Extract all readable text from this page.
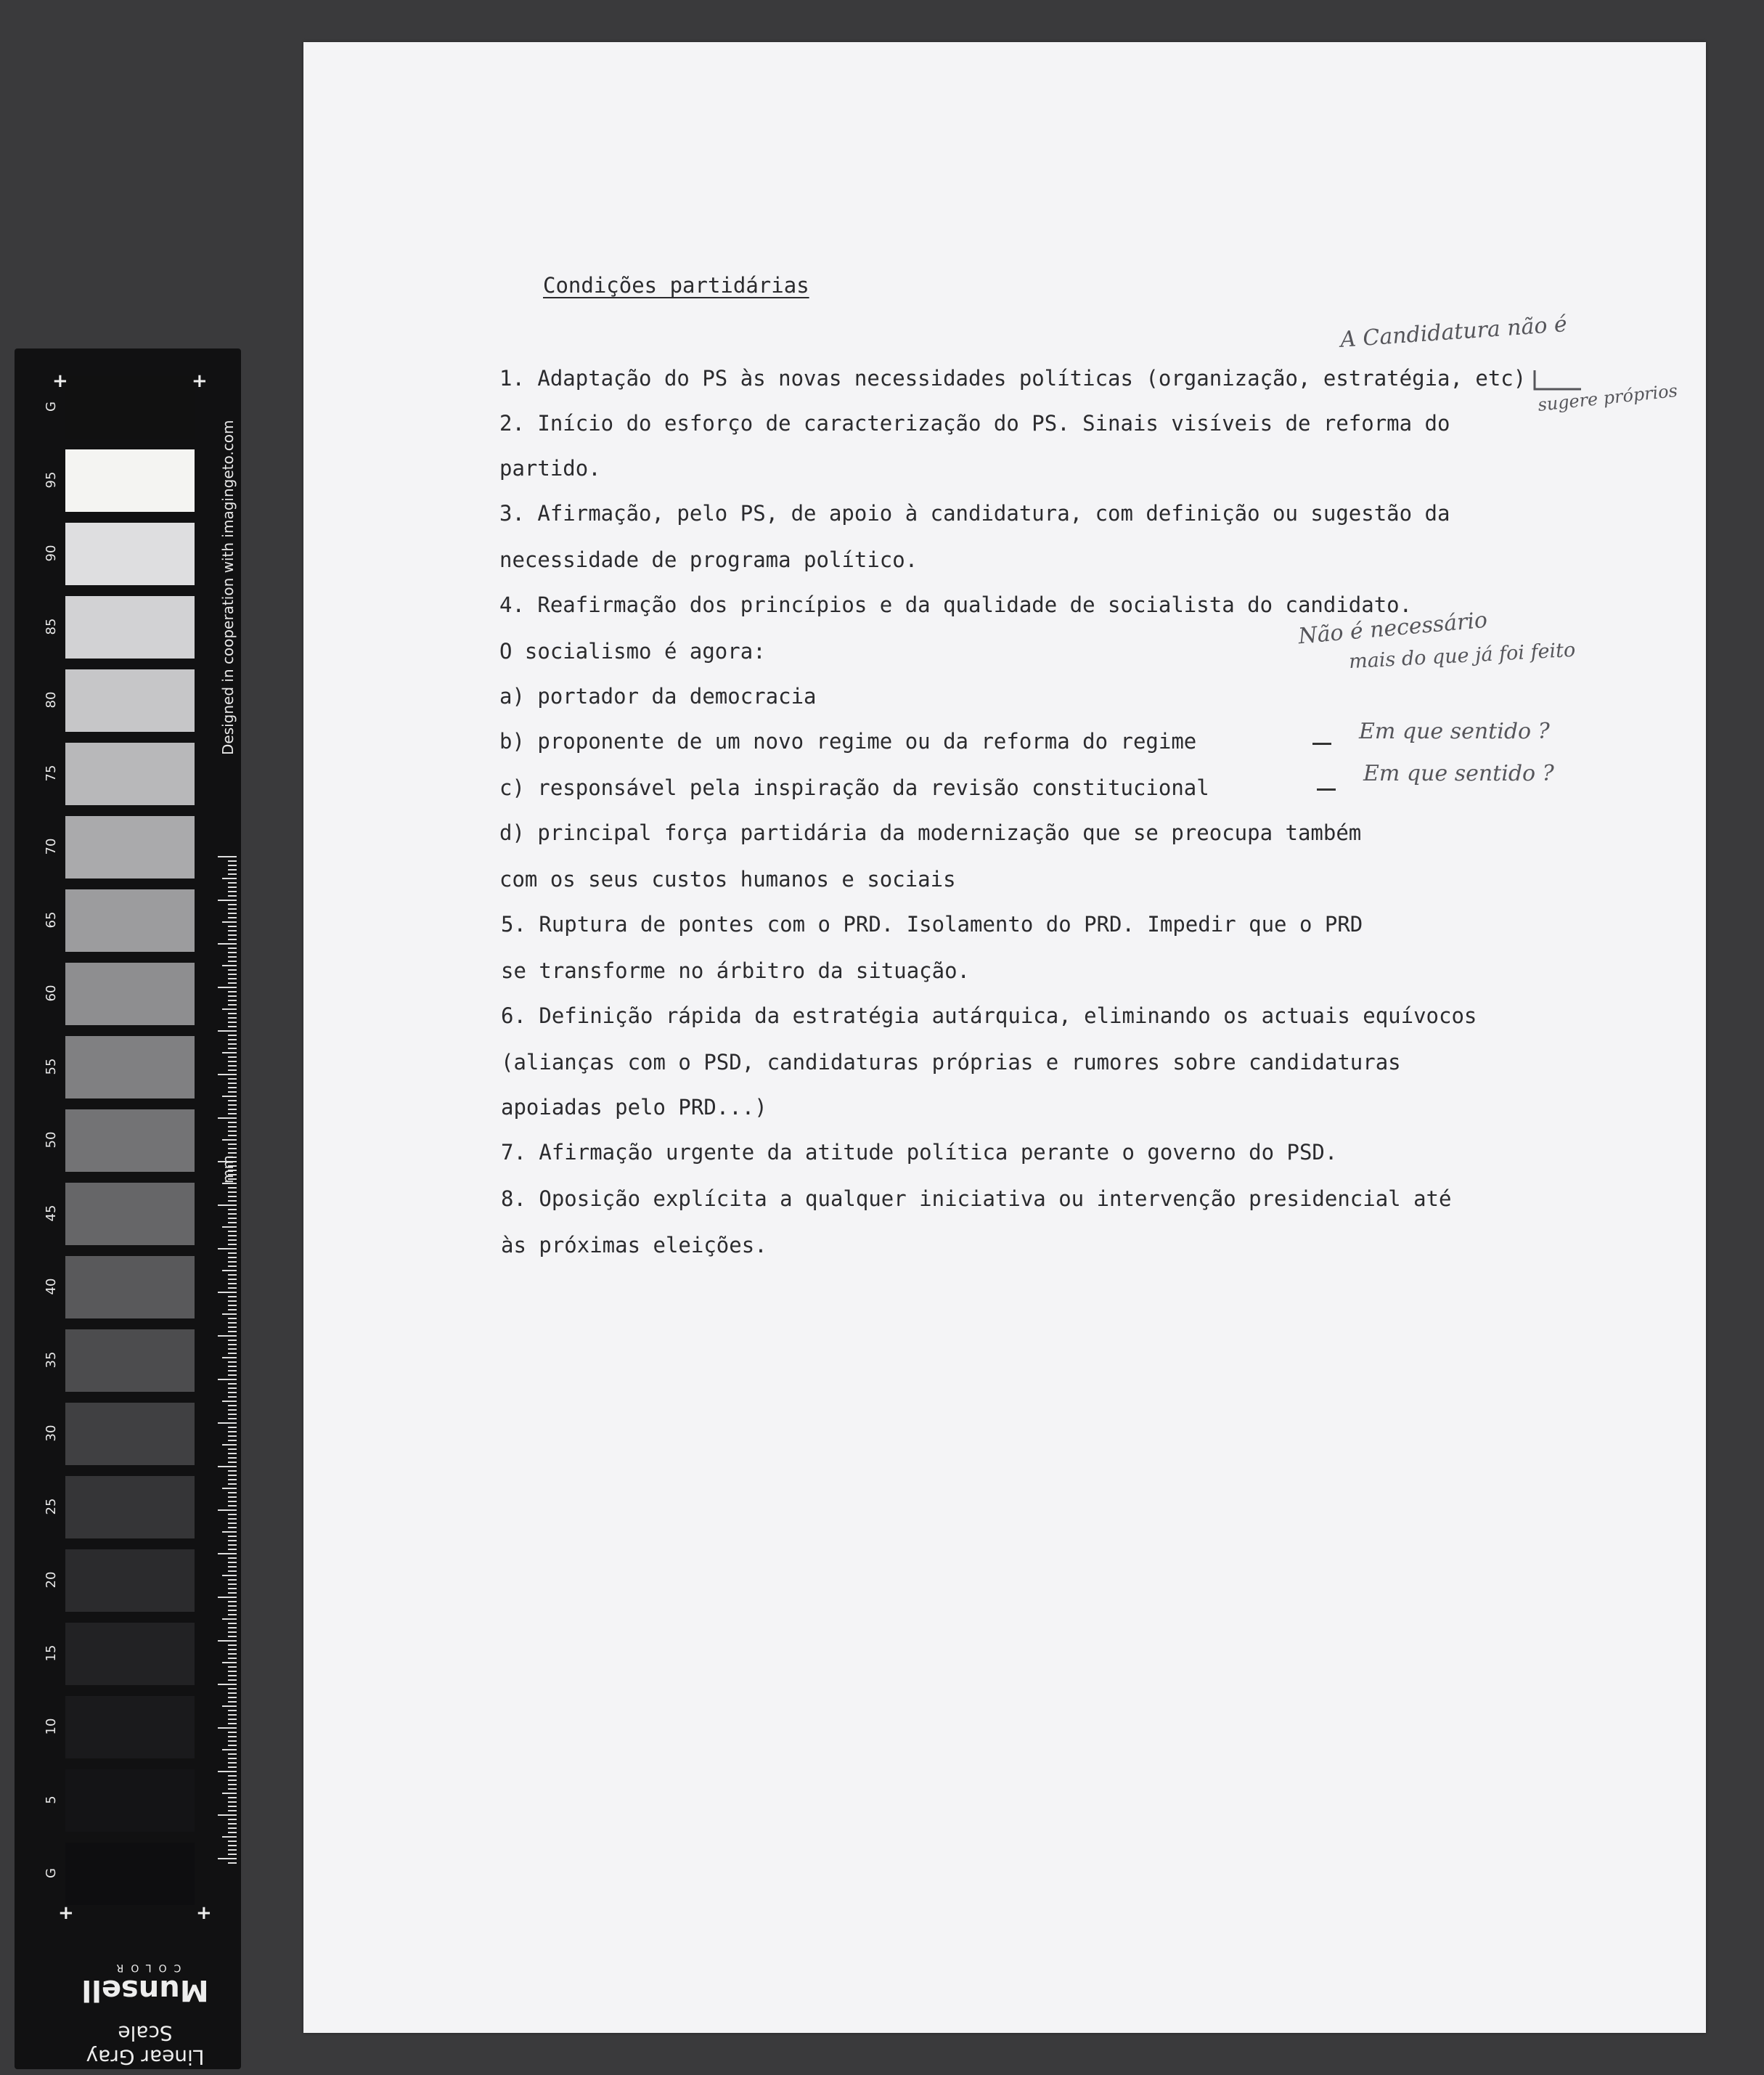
G
95
90
85
80
75
70
65
60
55
50
45
40
35
30
25
20
15
10
5
G
+	+
+	+
Designed in cooperation with imagingeto.com
mm
Linear Gray Scale
Munsell
COLOR
Condições partidárias
1. Adaptação do PS às novas necessidades políticas (organização, estratégia, etc)
2. Início do esforço de caracterização do PS. Sinais visíveis de reforma do
partido.
3. Afirmação, pelo PS, de apoio à candidatura, com definição ou sugestão da
necessidade de programa político.
4. Reafirmação dos princípios e da qualidade de socialista do candidato.
O socialismo é agora:
a) portador da democracia
b) proponente de um novo regime ou da reforma do regime
c) responsável pela inspiração da revisão constitucional
d) principal força partidária da modernização que se preocupa também
com os seus custos humanos e sociais
5. Ruptura de pontes com o PRD. Isolamento do PRD. Impedir que o PRD
se transforme no árbitro da situação.
6. Definição rápida da estratégia autárquica, eliminando os actuais equívocos
(alianças com o PSD, candidaturas próprias e rumores sobre candidaturas
apoiadas pelo PRD...)
7. Afirmação urgente da atitude política perante o governo do PSD.
8. Oposição explícita a qualquer iniciativa ou intervenção presidencial até
às próximas eleições.
A Candidatura não é
sugere próprios
Não é necessário
mais do que já foi feito
Em que sentido ?
Em que sentido ?
